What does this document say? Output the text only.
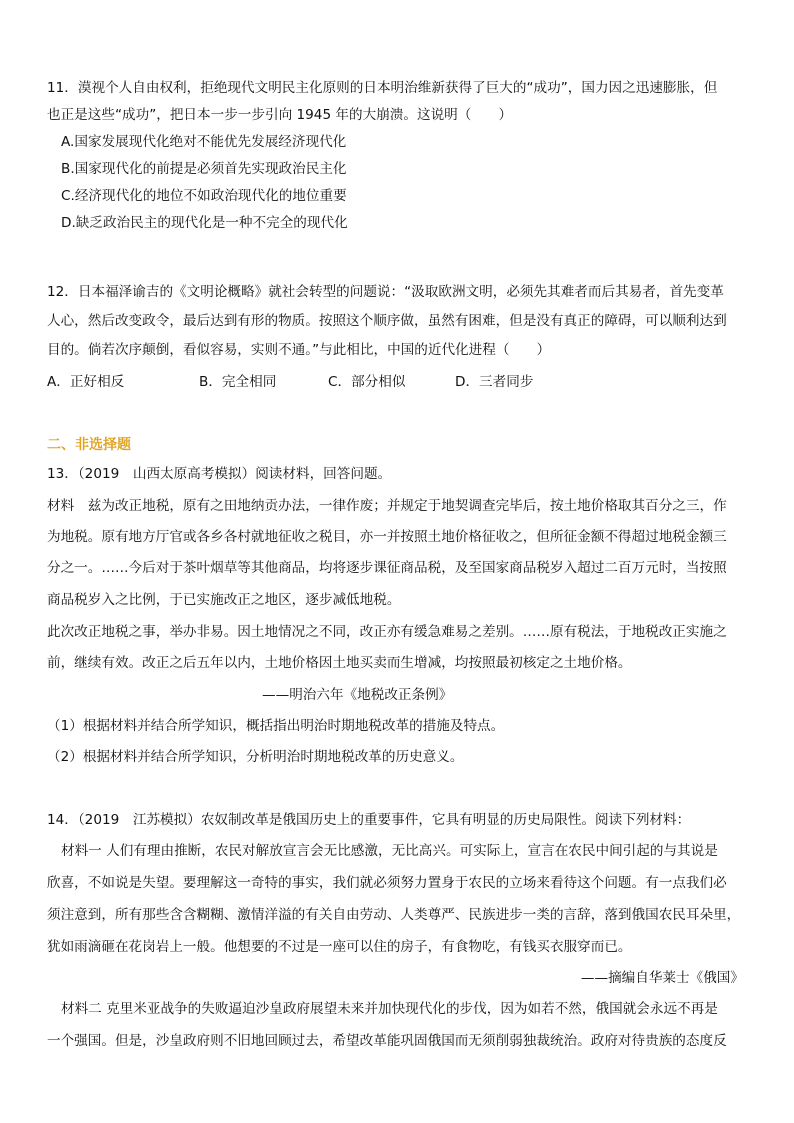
11．漠视个人自由权利，拒绝现代文明民主化原则的日本明治维新获得了巨大的“成功”，国力因之迅速膨胀，但
也正是这些“成功”，把日本一步一步引向 1945 年的大崩溃。这说明（　　）
A.国家发展现代化绝对不能优先发展经济现代化
B.国家现代化的前提是必须首先实现政治民主化
C.经济现代化的地位不如政治现代化的地位重要
D.缺乏政治民主的现代化是一种不完全的现代化
12．日本福泽谕吉的《文明论概略》就社会转型的问题说：“汲取欧洲文明，必须先其难者而后其易者，首先变革
人心，然后改变政令，最后达到有形的物质。按照这个顺序做，虽然有困难，但是没有真正的障碍，可以顺利达到
目的。倘若次序颠倒，看似容易，实则不通。”与此相比，中国的近代化进程（　　）
A．正好相反	B．完全相同	C．部分相似	D．三者同步
二、非选择题
13．（2019　山西太原高考模拟）阅读材料，回答问题。
材料　兹为改正地税，原有之田地纳贡办法，一律作废；并规定于地契调查完毕后，按土地价格取其百分之三，作
为地税。原有地方厅官或各乡各村就地征收之税目，亦一并按照土地价格征收之，但所征金额不得超过地税金额三
分之一。……今后对于茶叶烟草等其他商品，均将逐步课征商品税，及至国家商品税岁入超过二百万元时，当按照
商品税岁入之比例，于已实施改正之地区，逐步减低地税。
此次改正地税之事，举办非易。因土地情况之不同，改正亦有缓急难易之差别。……原有税法，于地税改正实施之
前，继续有效。改正之后五年以内，土地价格因土地买卖而生增减，均按照最初核定之土地价格。
——明治六年《地税改正条例》
（1）根据材料并结合所学知识，概括指出明治时期地税改革的措施及特点。
（2）根据材料并结合所学知识，分析明治时期地税改革的历史意义。
14．（2019　江苏模拟）农奴制改革是俄国历史上的重要事件，它具有明显的历史局限性。阅读下列材料：
材料一 人们有理由推断，农民对解放宣言会无比感激，无比高兴。可实际上，宣言在农民中间引起的与其说是
欣喜，不如说是失望。要理解这一奇特的事实，我们就必须努力置身于农民的立场来看待这个问题。有一点我们必
须注意到，所有那些含含糊糊、激情洋溢的有关自由劳动、人类尊严、民族进步一类的言辞，落到俄国农民耳朵里，
犹如雨滴砸在花岗岩上一般。他想要的不过是一座可以住的房子，有食物吃，有钱买衣服穿而已。
——摘编自华莱士《俄国》
材料二 克里米亚战争的失败逼迫沙皇政府展望未来并加快现代化的步伐，因为如若不然，俄国就会永远不再是
一个强国。但是，沙皇政府则不旧地回顾过去，希望改革能巩固俄国而无须削弱独裁统治。政府对待贵族的态度反
